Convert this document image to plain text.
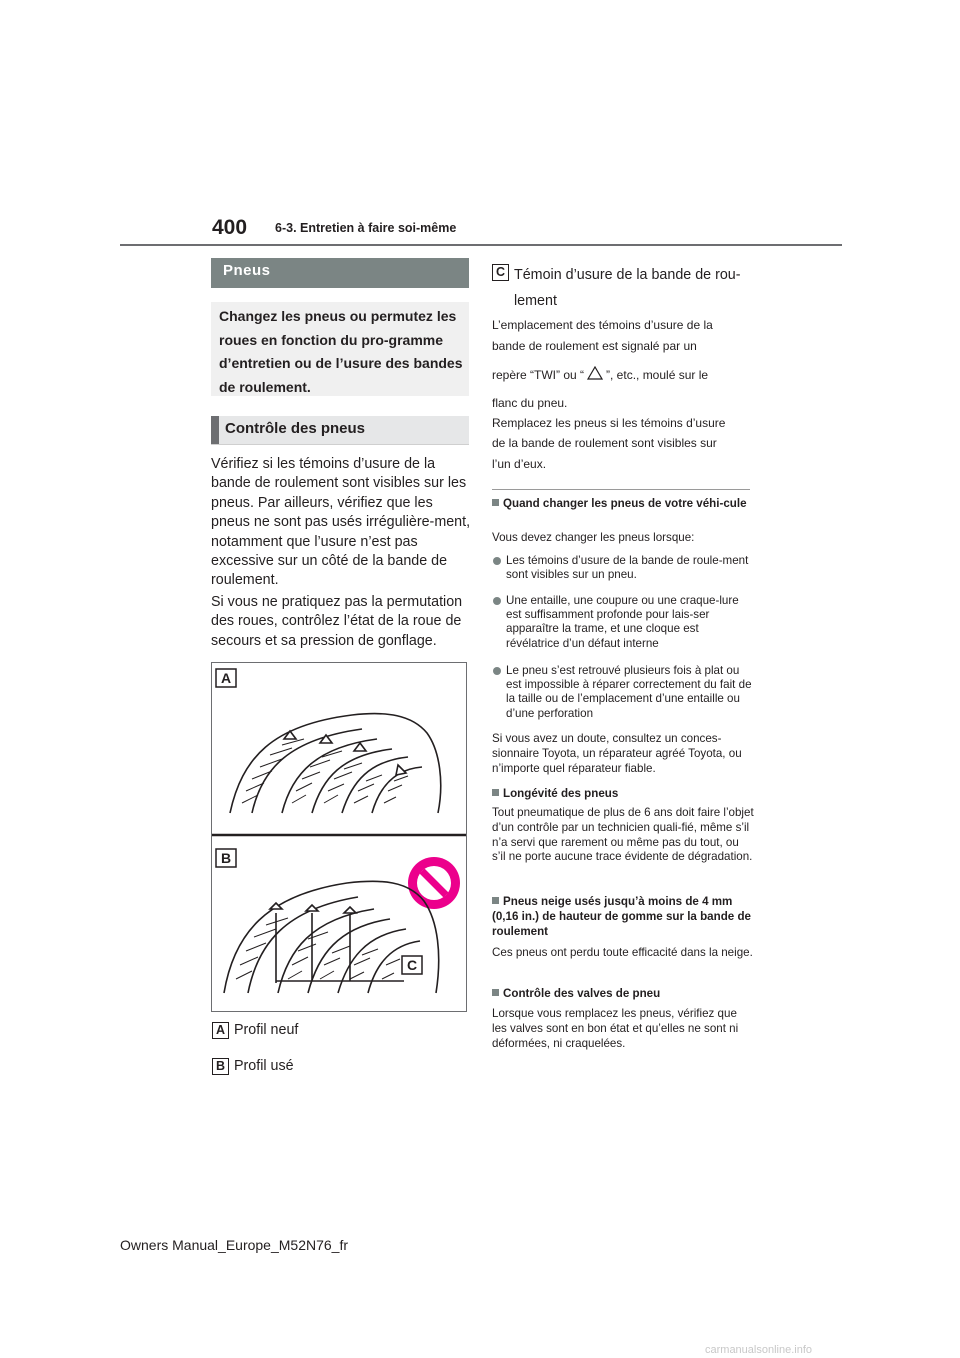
400 6-3. Entretien à faire soi-même
Pneus

Changez les pneus ou permutez les roues en fonction du pro-gramme d’entretien ou de l’usure des bandes de roulement.

Contrôle des pneus

Vérifiez si les témoins d’usure de la bande de roulement sont visibles sur les pneus. Par ailleurs, vérifiez que les pneus ne sont pas usés irrégulière-ment, notamment que l’usure n’est pas excessive sur un côté de la bande de roulement.

Si vous ne pratiquez pas la permutation des roues, contrôlez l’état de la roue de secours et sa pression de gonflage.

A
B
C
A Profil neuf
B Profil usé
C Témoin d’usure de la bande de rou-
lement

L’emplacement des témoins d’usure de la

bande de roulement est signalé par un

repère “TWI” ou “ ”, etc., moulé sur le

flanc du pneu.

Remplacez les pneus si les témoins d’usure

de la bande de roulement sont visibles sur

l’un d’eux.

Quand changer les pneus de votre véhi-cule

Vous devez changer les pneus lorsque:

Les témoins d’usure de la bande de roule-ment sont visibles sur un pneu.
Une entaille, une coupure ou une craque-lure est suffisamment profonde pour lais-ser apparaître la trame, et une cloque est révélatrice d’un défaut interne
Le pneu s’est retrouvé plusieurs fois à plat ou est impossible à réparer correctement du fait de la taille ou de l’emplacement d’une entaille ou d’une perforation

Si vous avez un doute, consultez un conces-sionnaire Toyota, un réparateur agréé Toyota, ou n’importe quel réparateur fiable.

Longévité des pneus

Tout pneumatique de plus de 6 ans doit faire l’objet d’un contrôle par un technicien quali-fié, même s’il n’a servi que rarement ou même pas du tout, ou s’il ne porte aucune trace évidente de dégradation.

Pneus neige usés jusqu’à moins de 4 mm (0,16 in.) de hauteur de gomme sur la bande de roulement

Ces pneus ont perdu toute efficacité dans la neige.

Contrôle des valves de pneu

Lorsque vous remplacez les pneus, vérifiez que les valves sont en bon état et qu’elles ne sont ni déformées, ni craquelées.

Owners Manual_Europe_M52N76_fr
carmanualsonline.info
